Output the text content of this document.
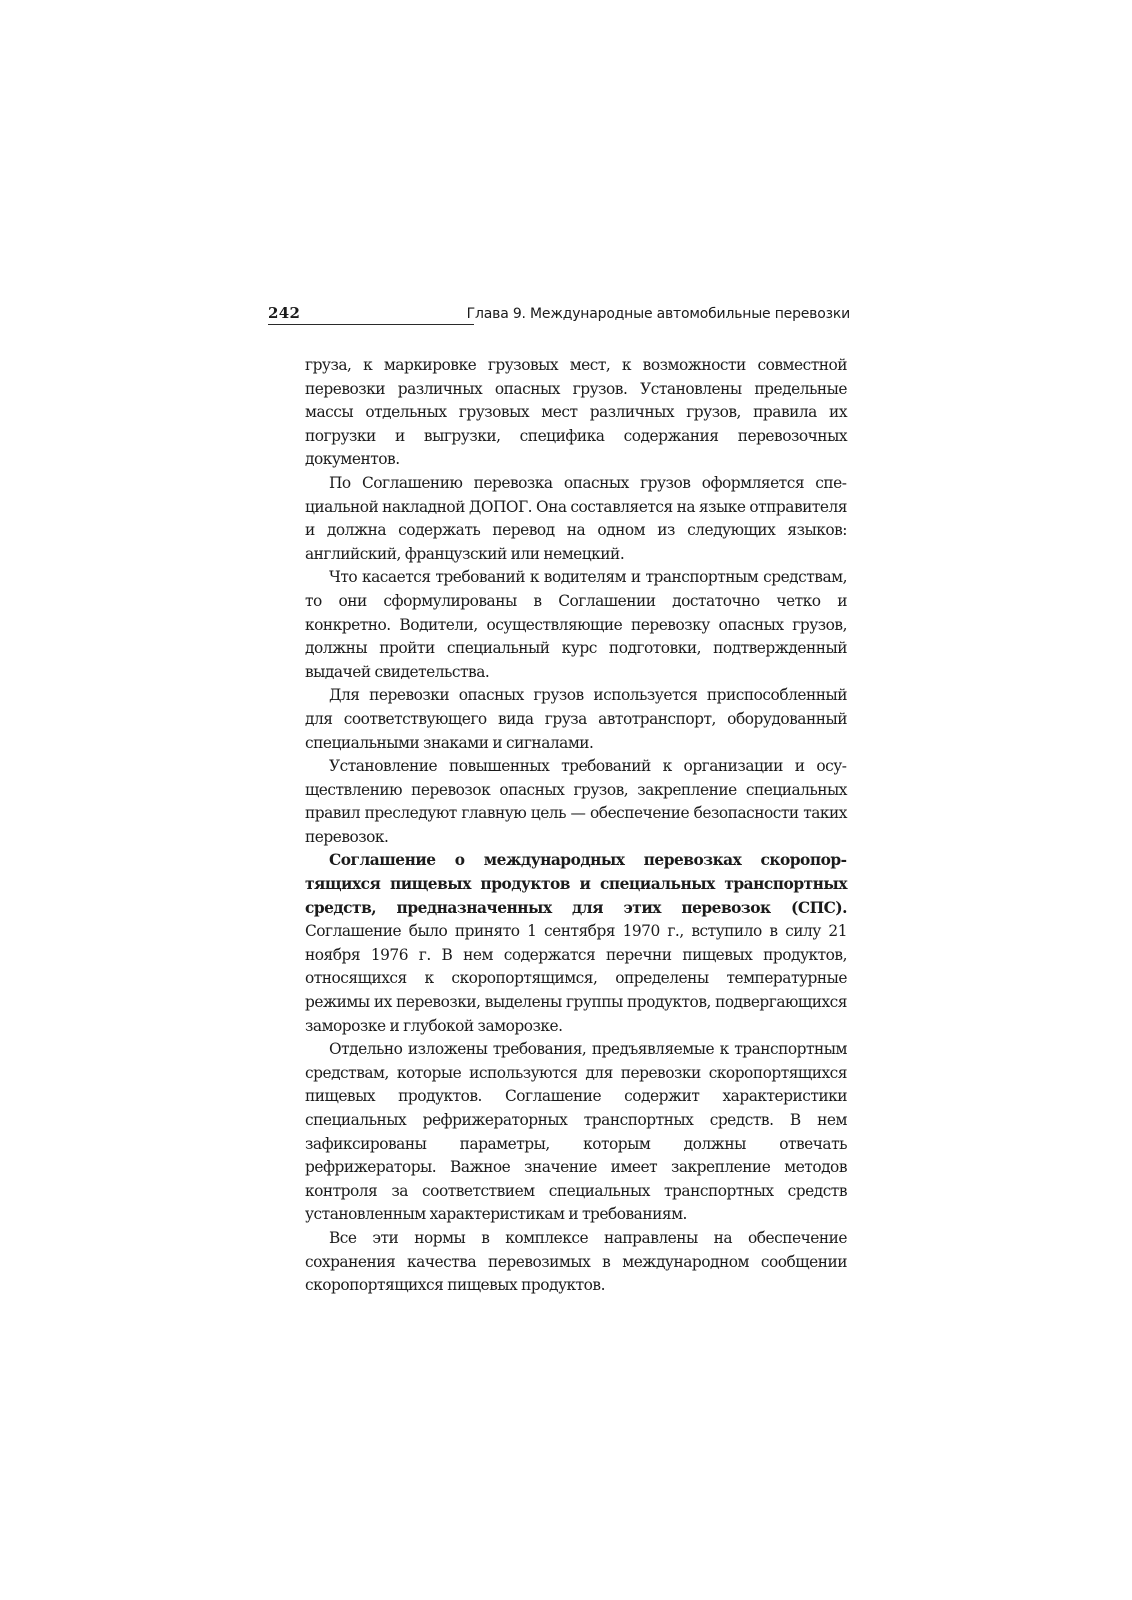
242	Глава 9. Международные автомобильные перевозки

груза, к маркировке грузовых мест, к возможности совместной перевозки различных опасных грузов. Установлены предельные массы отдельных грузовых мест различных грузов, правила их погрузки и выгрузки, специфика содержания перевозочных документов.

По Соглашению перевозка опасных грузов оформляется специальной накладной ДОПОГ. Она составляется на языке отправителя и должна содержать перевод на одном из следующих языков: английский, французский или немецкий.

Что касается требований к водителям и транспортным средствам, то они сформулированы в Соглашении достаточно четко и конкретно. Водители, осуществляющие перевозку опасных грузов, должны пройти специальный курс подготовки, подтвержденный выдачей свидетельства.

Для перевозки опасных грузов используется приспособленный для соответствующего вида груза автотранспорт, оборудованный специальными знаками и сигналами.

Установление повышенных требований к организации и осуществлению перевозок опасных грузов, закрепление специальных правил преследуют главную цель — обеспечение безопасности таких перевозок.

Соглашение о международных перевозках скоропортящихся пищевых продуктов и специальных транспортных средств, предназначенных для этих перевозок (СПС). Соглашение было принято 1 сентября 1970 г., вступило в силу 21 ноября 1976 г. В нем содержатся перечни пищевых продуктов, относящихся к скоропортящимся, определены температурные режимы их перевозки, выделены группы продуктов, подвергающихся заморозке и глубокой заморозке.

Отдельно изложены требования, предъявляемые к транспортным средствам, которые используются для перевозки скоропортящихся пищевых продуктов. Соглашение содержит характеристики специальных рефрижераторных транспортных средств. В нем зафиксированы параметры, которым должны отвечать рефрижераторы. Важное значение имеет закрепление методов контроля за соответствием специальных транспортных средств установленным характеристикам и требованиям.

Все эти нормы в комплексе направлены на обеспечение сохранения качества перевозимых в международном сообщении скоропортящихся пищевых продуктов.
